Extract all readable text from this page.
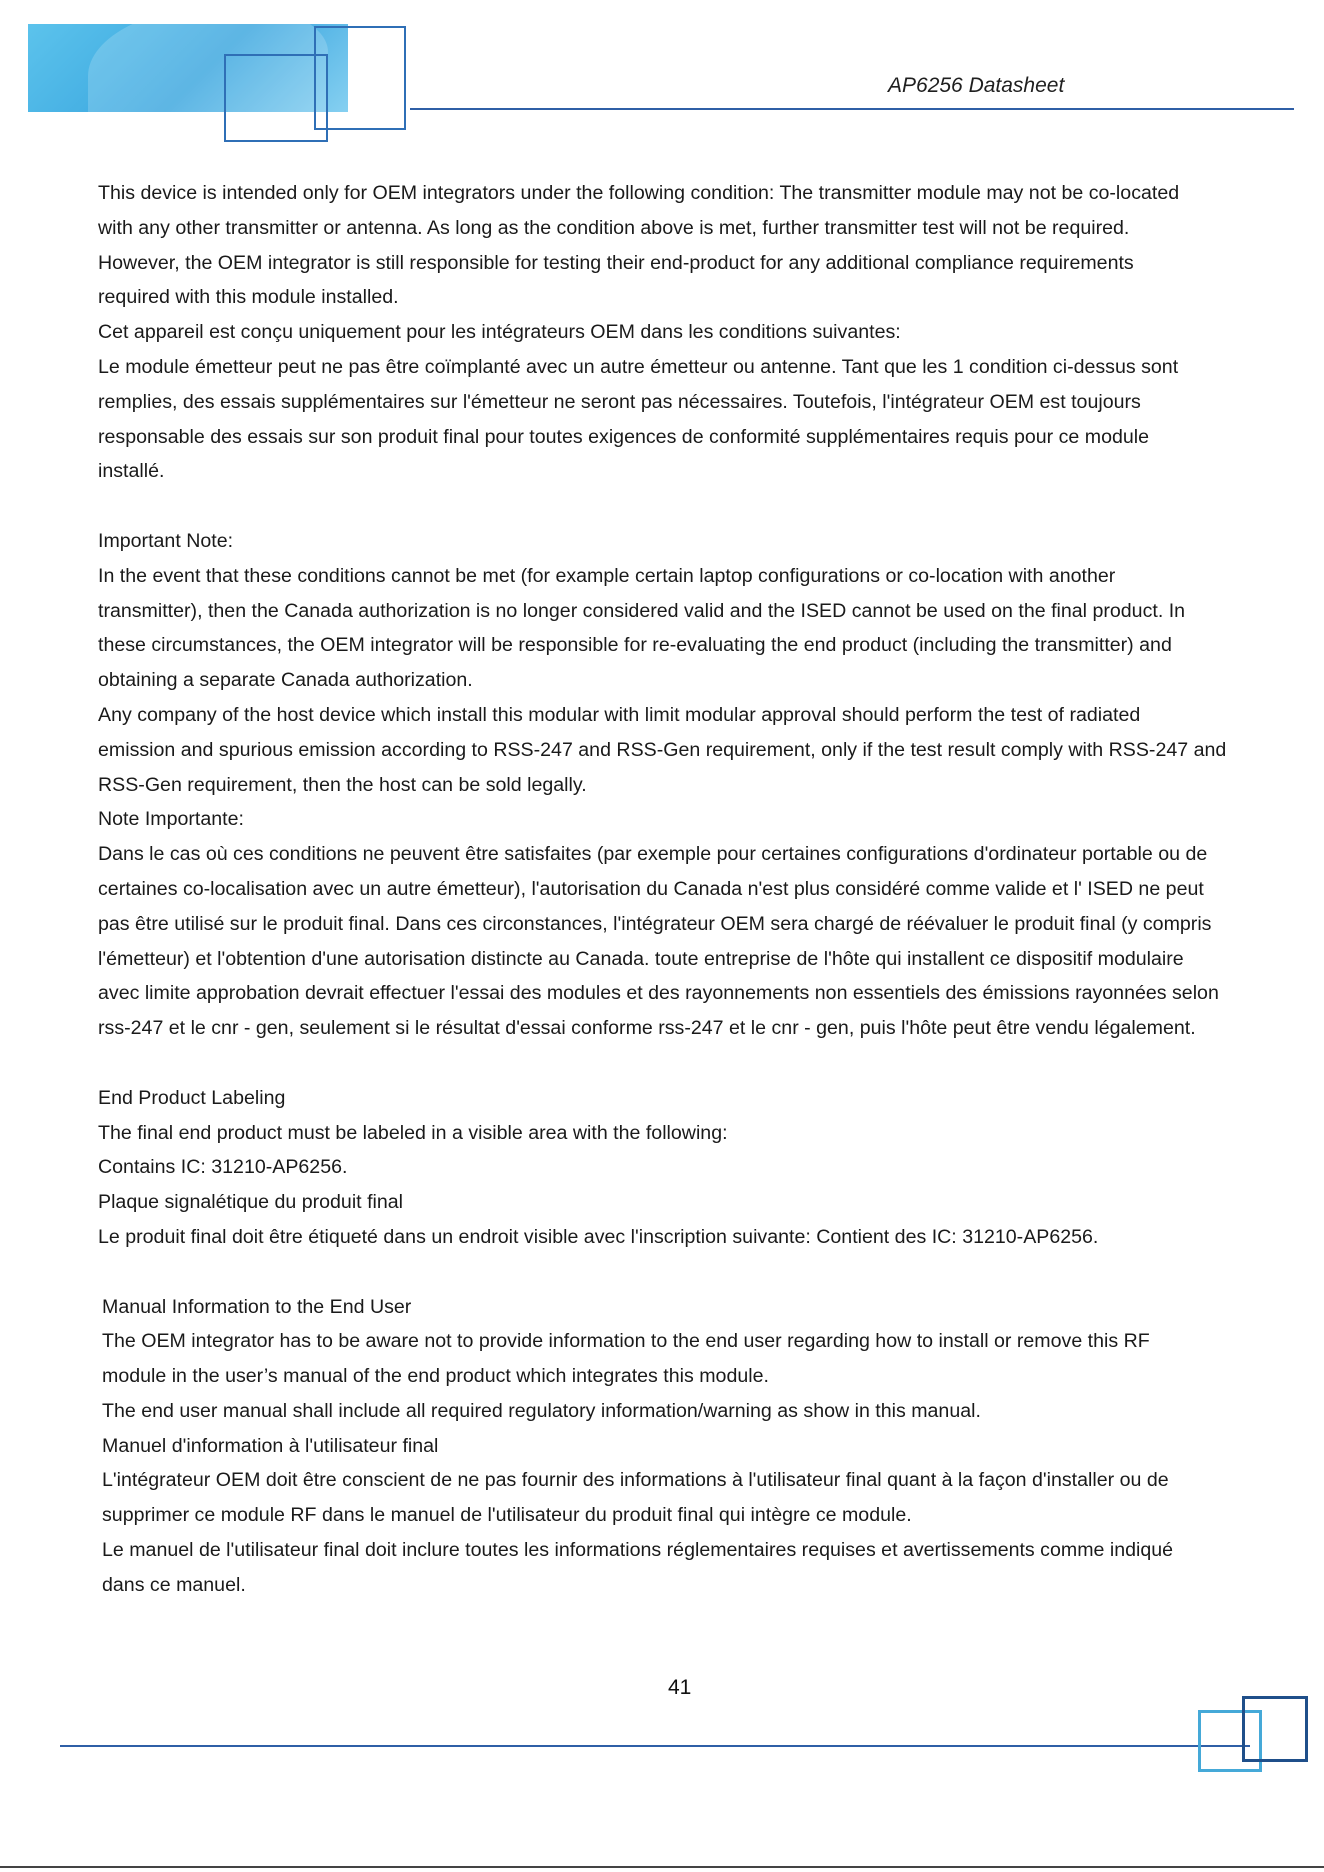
AP6256 Datasheet

This device is intended only for OEM integrators under the following condition: The transmitter module may not be co-located

with any other transmitter or antenna. As long as the condition above is met, further transmitter test will not be required.

However, the OEM integrator is still responsible for testing their end-product for any additional compliance requirements

required with this module installed.

Cet appareil est conçu uniquement pour les intégrateurs OEM dans les conditions suivantes:

Le module émetteur peut ne pas être coïmplanté avec un autre émetteur ou antenne. Tant que les 1 condition ci-dessus sont

remplies, des essais supplémentaires sur l'émetteur ne seront pas nécessaires. Toutefois, l'intégrateur OEM est toujours

responsable des essais sur son produit final pour toutes exigences de conformité supplémentaires requis pour ce module

installé.

Important Note:

In the event that these conditions cannot be met (for example certain laptop configurations or co-location with another

transmitter), then the Canada authorization is no longer considered valid and the ISED cannot be used on the final product. In

these circumstances, the OEM integrator will be responsible for re-evaluating the end product (including the transmitter) and

obtaining a separate Canada authorization.

Any company of the host device which install this modular with limit modular approval should perform the test of radiated

emission and spurious emission according to RSS-247 and RSS-Gen requirement, only if the test result comply with RSS-247 and

RSS-Gen requirement, then the host can be sold legally.

Note Importante:

Dans le cas où ces conditions ne peuvent être satisfaites (par exemple pour certaines configurations d'ordinateur portable ou de

certaines co-localisation avec un autre émetteur), l'autorisation du Canada n'est plus considéré comme valide et l' ISED ne peut

pas être utilisé sur le produit final. Dans ces circonstances, l'intégrateur OEM sera chargé de réévaluer le produit final (y compris

l'émetteur) et l'obtention d'une autorisation distincte au Canada. toute entreprise de l'hôte qui installent ce dispositif modulaire

avec limite approbation devrait effectuer l'essai des modules et des rayonnements non essentiels des émissions rayonnées selon

rss-247 et le cnr - gen, seulement si le résultat d'essai conforme rss-247 et le cnr - gen, puis l'hôte peut être vendu légalement.

End Product Labeling

The final end product must be labeled in a visible area with the following:

Contains IC: 31210-AP6256.

Plaque signalétique du produit final

Le produit final doit être étiqueté dans un endroit visible avec l'inscription suivante: Contient des IC: 31210-AP6256.

Manual Information to the End User

The OEM integrator has to be aware not to provide information to the end user regarding how to install or remove this RF

module in the user’s manual of the end product which integrates this module.

The end user manual shall include all required regulatory information/warning as show in this manual.

Manuel d'information à l'utilisateur final

L'intégrateur OEM doit être conscient de ne pas fournir des informations à l'utilisateur final quant à la façon d'installer ou de

supprimer ce module RF dans le manuel de l'utilisateur du produit final qui intègre ce module.

Le manuel de l'utilisateur final doit inclure toutes les informations réglementaires requises et avertissements comme indiqué

dans ce manuel.

41
